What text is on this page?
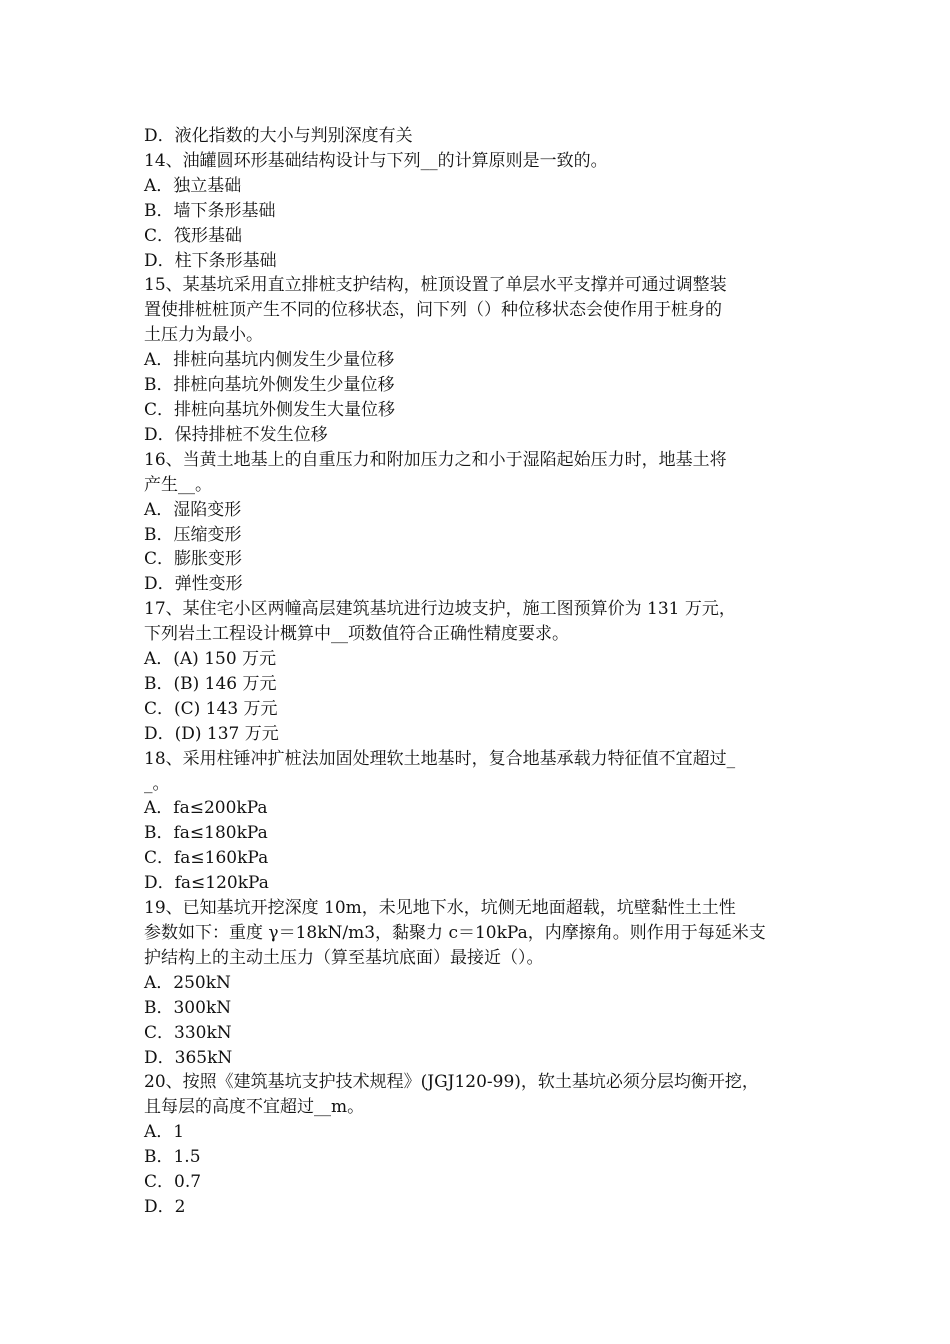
D．液化指数的大小与判别深度有关

14、油罐圆环形基础结构设计与下列__的计算原则是一致的。

A．独立基础

B．墙下条形基础

C．筏形基础

D．柱下条形基础

15、某基坑采用直立排桩支护结构，桩顶设置了单层水平支撑并可通过调整装

置使排桩桩顶产生不同的位移状态，问下列（）种位移状态会使作用于桩身的

土压力为最小。

A．排桩向基坑内侧发生少量位移

B．排桩向基坑外侧发生少量位移

C．排桩向基坑外侧发生大量位移

D．保持排桩不发生位移

16、当黄土地基上的自重压力和附加压力之和小于湿陷起始压力时，地基土将

产生__。

A．湿陷变形

B．压缩变形

C．膨胀变形

D．弹性变形

17、某住宅小区两幢高层建筑基坑进行边坡支护，施工图预算价为 131 万元，

下列岩土工程设计概算中__项数值符合正确性精度要求。

A．(A) 150 万元

B．(B) 146 万元

C．(C) 143 万元

D．(D) 137 万元

18、采用柱锤冲扩桩法加固处理软土地基时，复合地基承载力特征值不宜超过_

_。

A．fa≤200kPa

B．fa≤180kPa

C．fa≤160kPa

D．fa≤120kPa

19、已知基坑开挖深度 10m，未见地下水，坑侧无地面超载，坑壁黏性土土性

参数如下：重度 γ＝18kN/m3，黏聚力 c＝10kPa，内摩擦角。则作用于每延米支

护结构上的主动土压力（算至基坑底面）最接近（）。

A．250kN

B．300kN

C．330kN

D．365kN

20、按照《建筑基坑支护技术规程》(JGJ120-99)，软土基坑必须分层均衡开挖，

且每层的高度不宜超过__m。

A．1

B．1.5

C．0.7

D．2
